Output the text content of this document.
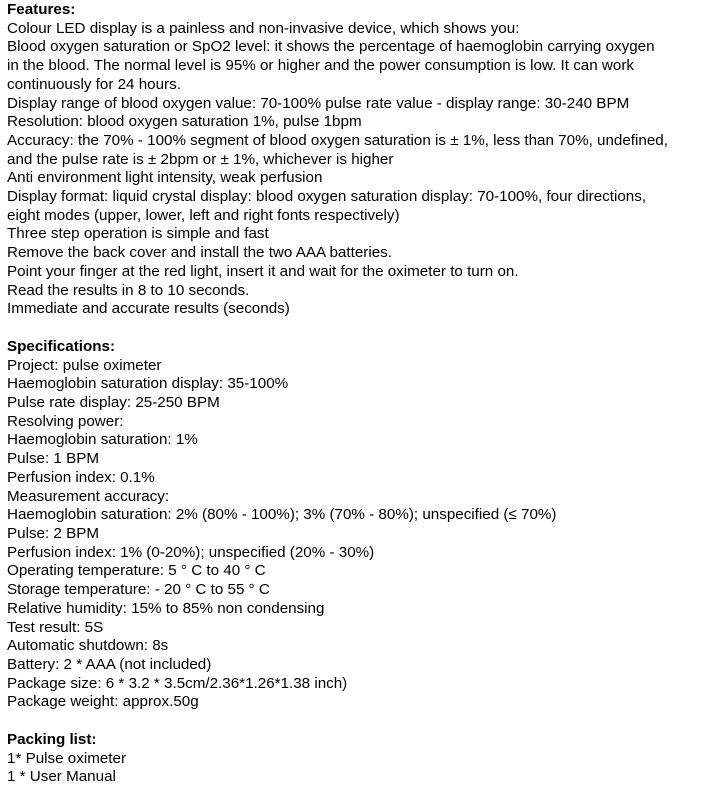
Features:
Colour LED display is a painless and non-invasive device, which shows you:
Blood oxygen saturation or SpO2 level: it shows the percentage of haemoglobin carrying oxygen
in the blood. The normal level is 95% or higher and the power consumption is low. It can work
continuously for 24 hours.
Display range of blood oxygen value: 70-100% pulse rate value - display range: 30-240 BPM
Resolution: blood oxygen saturation 1%, pulse 1bpm
Accuracy: the 70% - 100% segment of blood oxygen saturation is ± 1%, less than 70%, undefined,
and the pulse rate is ± 2bpm or ± 1%, whichever is higher
Anti environment light intensity, weak perfusion
Display format: liquid crystal display: blood oxygen saturation display: 70-100%, four directions,
eight modes (upper, lower, left and right fonts respectively)
Three step operation is simple and fast
Remove the back cover and install the two AAA batteries.
Point your finger at the red light, insert it and wait for the oximeter to turn on.
Read the results in 8 to 10 seconds.
Immediate and accurate results (seconds)
Specifications:
Project: pulse oximeter
Haemoglobin saturation display: 35-100%
Pulse rate display: 25-250 BPM
Resolving power:
Haemoglobin saturation: 1%
Pulse: 1 BPM
Perfusion index: 0.1%
Measurement accuracy:
Haemoglobin saturation: 2% (80% - 100%); 3% (70% - 80%); unspecified (≤ 70%)
Pulse: 2 BPM
Perfusion index: 1% (0-20%); unspecified (20% - 30%)
Operating temperature: 5 ° C to 40 ° C
Storage temperature: - 20 ° C to 55 ° C
Relative humidity: 15% to 85% non condensing
Test result: 5S
Automatic shutdown: 8s
Battery: 2 * AAA (not included)
Package size: 6 * 3.2 * 3.5cm/2.36*1.26*1.38 inch)
Package weight: approx.50g
Packing list:
1* Pulse oximeter
1 * User Manual
